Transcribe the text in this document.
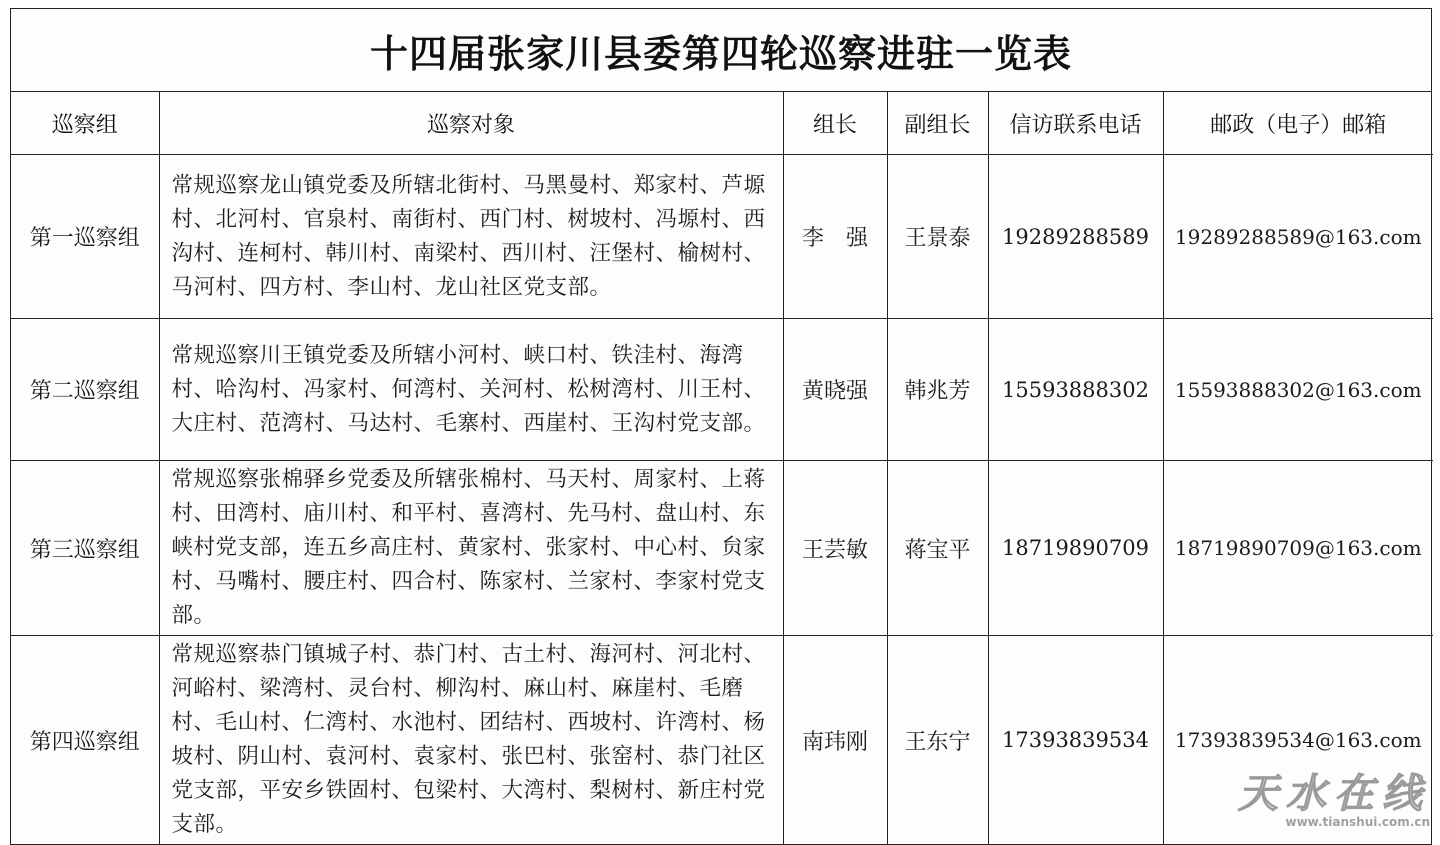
十四届张家川县委第四轮巡察进驻一览表
巡察组	巡察对象	组长	副组长	信访联系电话	邮政（电子）邮箱
第一巡察组	常规巡察龙山镇党委及所辖北街村、马黑曼村、郑家村、芦塬村、北河村、官泉村、南街村、西门村、树坡村、冯塬村、西沟村、连柯村、韩川村、南梁村、西川村、汪堡村、榆树村、马河村、四方村、李山村、龙山社区党支部。	李　强	王景泰	19289288589	19289288589@163.com
第二巡察组	常规巡察川王镇党委及所辖小河村、峡口村、铁洼村、海湾村、哈沟村、冯家村、何湾村、关河村、松树湾村、川王村、大庄村、范湾村、马达村、毛寨村、西崖村、王沟村党支部。	黄晓强	韩兆芳	15593888302	15593888302@163.com
第三巡察组	常规巡察张棉驿乡党委及所辖张棉村、马天村、周家村、上蒋村、田湾村、庙川村、和平村、喜湾村、先马村、盘山村、东峡村党支部，连五乡高庄村、黄家村、张家村、中心村、贠家村、马嘴村、腰庄村、四合村、陈家村、兰家村、李家村党支部。	王芸敏	蒋宝平	18719890709	18719890709@163.com
第四巡察组	常规巡察恭门镇城子村、恭门村、古土村、海河村、河北村、河峪村、梁湾村、灵台村、柳沟村、麻山村、麻崖村、毛磨村、毛山村、仁湾村、水池村、团结村、西坡村、许湾村、杨坡村、阴山村、袁河村、袁家村、张巴村、张窑村、恭门社区党支部，平安乡铁固村、包梁村、大湾村、梨树村、新庄村党支部。	南玮刚	王东宁	17393839534	17393839534@163.com
天水在线
www.tianshui.com.cn
